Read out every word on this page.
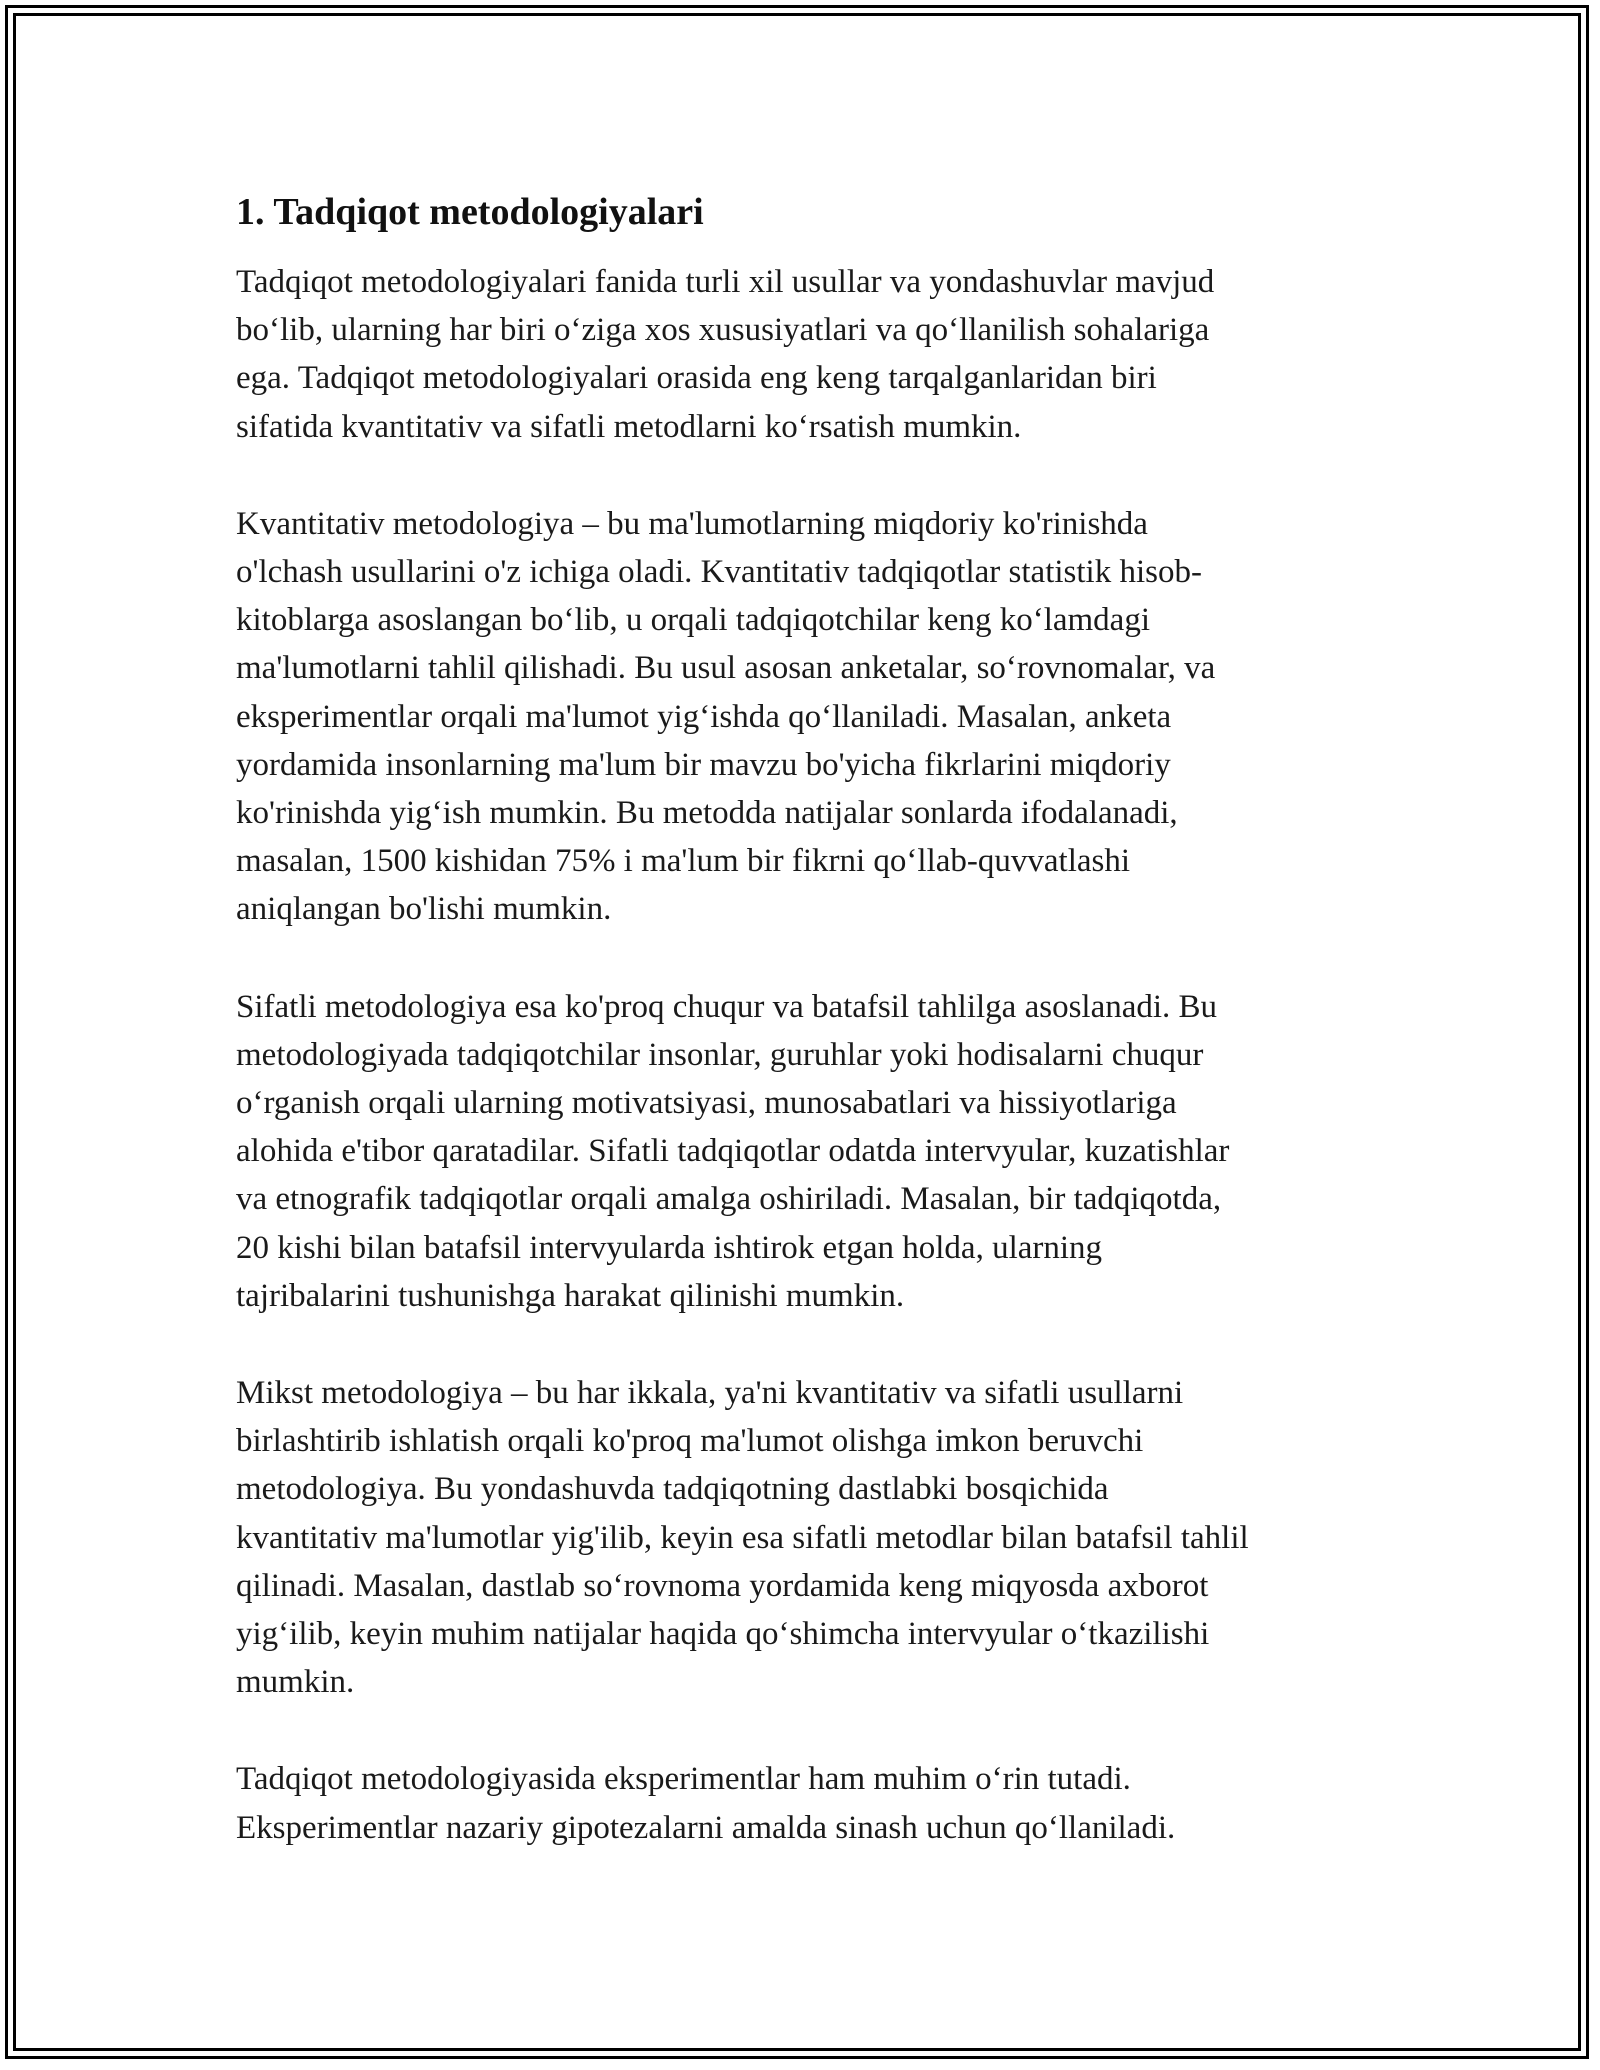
1. Tadqiqot metodologiyalari

Tadqiqot metodologiyalari fanida turli xil usullar va yondashuvlar mavjud
bo‘lib, ularning har biri o‘ziga xos xususiyatlari va qo‘llanilish sohalariga
ega. Tadqiqot metodologiyalari orasida eng keng tarqalganlaridan biri
sifatida kvantitativ va sifatli metodlarni ko‘rsatish mumkin.

Kvantitativ metodologiya – bu ma'lumotlarning miqdoriy ko'rinishda
o'lchash usullarini o'z ichiga oladi. Kvantitativ tadqiqotlar statistik hisob-
kitoblarga asoslangan bo‘lib, u orqali tadqiqotchilar keng ko‘lamdagi
ma'lumotlarni tahlil qilishadi. Bu usul asosan anketalar, so‘rovnomalar, va
eksperimentlar orqali ma'lumot yig‘ishda qo‘llaniladi. Masalan, anketa
yordamida insonlarning ma'lum bir mavzu bo'yicha fikrlarini miqdoriy
ko'rinishda yig‘ish mumkin. Bu metodda natijalar sonlarda ifodalanadi,
masalan, 1500 kishidan 75% i ma'lum bir fikrni qo‘llab-quvvatlashi
aniqlangan bo'lishi mumkin.

Sifatli metodologiya esa ko'proq chuqur va batafsil tahlilga asoslanadi. Bu
metodologiyada tadqiqotchilar insonlar, guruhlar yoki hodisalarni chuqur
o‘rganish orqali ularning motivatsiyasi, munosabatlari va hissiyotlariga
alohida e'tibor qaratadilar. Sifatli tadqiqotlar odatda intervyular, kuzatishlar
va etnografik tadqiqotlar orqali amalga oshiriladi. Masalan, bir tadqiqotda,
20 kishi bilan batafsil intervyularda ishtirok etgan holda, ularning
tajribalarini tushunishga harakat qilinishi mumkin.

Mikst metodologiya – bu har ikkala, ya'ni kvantitativ va sifatli usullarni
birlashtirib ishlatish orqali ko'proq ma'lumot olishga imkon beruvchi
metodologiya. Bu yondashuvda tadqiqotning dastlabki bosqichida
kvantitativ ma'lumotlar yig'ilib, keyin esa sifatli metodlar bilan batafsil tahlil
qilinadi. Masalan, dastlab so‘rovnoma yordamida keng miqyosda axborot
yig‘ilib, keyin muhim natijalar haqida qo‘shimcha intervyular o‘tkazilishi
mumkin.

Tadqiqot metodologiyasida eksperimentlar ham muhim o‘rin tutadi.
Eksperimentlar nazariy gipotezalarni amalda sinash uchun qo‘llaniladi.
